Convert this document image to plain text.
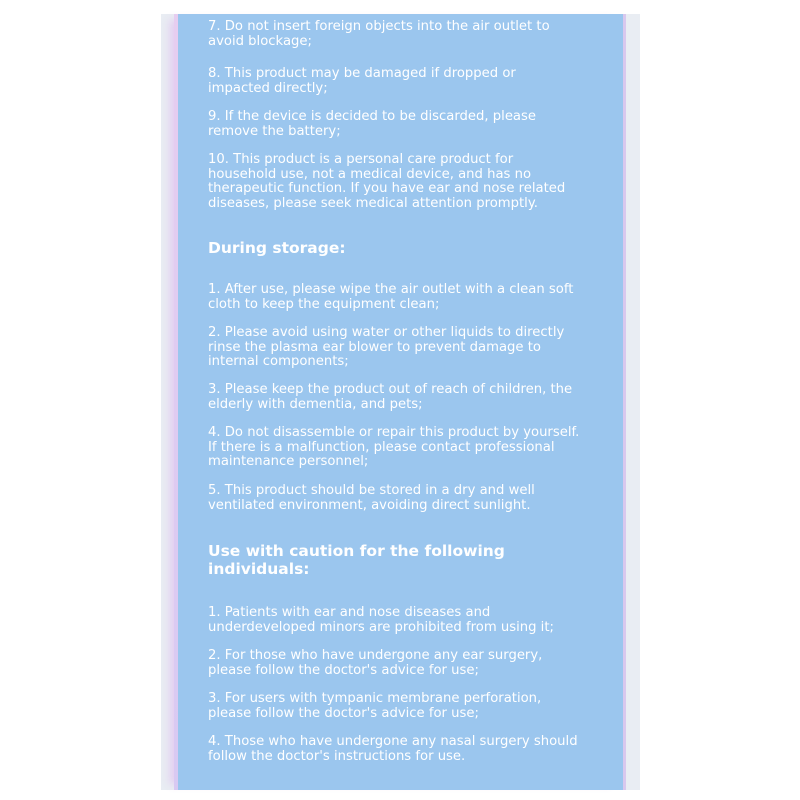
7. Do not insert foreign objects into the air outlet to
avoid blockage;

8. This product may be damaged if dropped or
impacted directly;

9. If the device is decided to be discarded, please
remove the battery;

10. This product is a personal care product for
household use, not a medical device, and has no
therapeutic function. If you have ear and nose related
diseases, please seek medical attention promptly.

During storage:

1. After use, please wipe the air outlet with a clean soft
cloth to keep the equipment clean;

2. Please avoid using water or other liquids to directly
rinse the plasma ear blower to prevent damage to
internal components;

3. Please keep the product out of reach of children, the
elderly with dementia, and pets;

4. Do not disassemble or repair this product by yourself.
If there is a malfunction, please contact professional
maintenance personnel;

5. This product should be stored in a dry and well
ventilated environment, avoiding direct sunlight.

Use with caution for the following
individuals:

1. Patients with ear and nose diseases and
underdeveloped minors are prohibited from using it;

2. For those who have undergone any ear surgery,
please follow the doctor's advice for use;

3. For users with tympanic membrane perforation,
please follow the doctor's advice for use;

4. Those who have undergone any nasal surgery should
follow the doctor's instructions for use.
